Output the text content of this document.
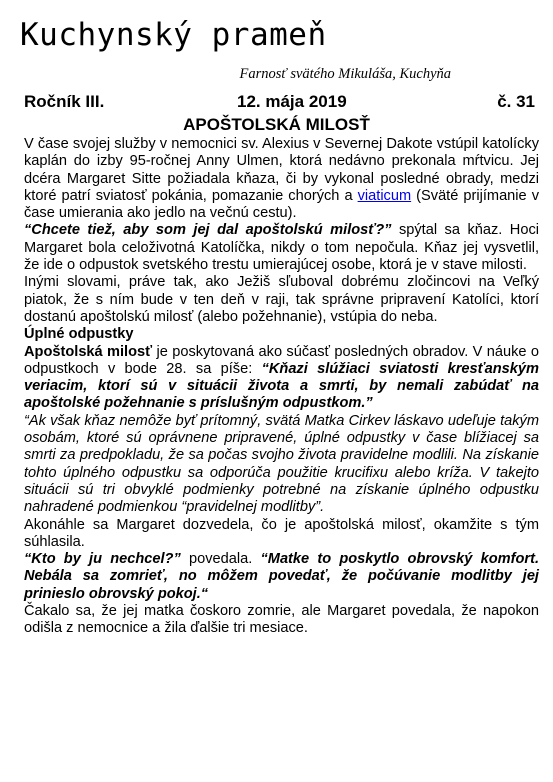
Kuchynský prameň
Farnosť svätého Mikuláša, Kuchyňa
Ročník III.	12. mája 2019	č. 31
APOŠTOLSKÁ MILOSŤ

V čase svojej služby v nemocnici sv. Alexius v Severnej Dakote vstúpil katolícky kaplán do izby 95-ročnej Anny Ulmen, ktorá nedávno prekonala mŕtvicu. Jej dcéra Margaret Sitte požiadala kňaza, či by vykonal posledné obrady, medzi ktoré patrí sviatosť pokánia, pomazanie chorých a viaticum (Sväté prijímanie v čase umierania ako jedlo na večnú cestu).

“Chcete tiež, aby som jej dal apoštolskú milosť?” spýtal sa kňaz. Hoci Margaret bola celoživotná Katolíčka, nikdy o tom nepočula. Kňaz jej vysvetlil, že ide o odpustok svetského trestu umierajúcej osobe, ktorá je v stave milosti.

Inými slovami, práve tak, ako Ježiš sľuboval dobrému zločincovi na Veľký piatok, že s ním bude v ten deň v raji, tak správne pripravení Katolíci, ktorí dostanú apoštolskú milosť (alebo požehnanie), vstúpia do neba.

Úplné odpustky

Apoštolská milosť je poskytovaná ako súčasť posledných obradov. V náuke o odpustkoch v bode 28. sa píše: “Kňazi slúžiaci sviatosti kresťanským veriacim, ktorí sú v situácii života a smrti, by nemali zabúdať na apoštolské požehnanie s príslušným odpustkom.”

“Ak však kňaz nemôže byť prítomný, svätá Matka Cirkev láskavo udeľuje takým osobám, ktoré sú oprávnene pripravené, úplné odpustky v čase blížiacej sa smrti za predpokladu, že sa počas svojho života pravidelne modlili. Na získanie tohto úplného odpustku sa odporúča použitie krucifixu alebo kríža. V takejto situácii sú tri obvyklé podmienky potrebné na získanie úplného odpustku nahradené podmienkou “pravidelnej modlitby”.

Akonáhle sa Margaret dozvedela, čo je apoštolská milosť, okamžite s tým súhlasila.

“Kto by ju nechcel?” povedala. “Matke to poskytlo obrovský komfort. Nebála sa zomrieť, no môžem povedať, že počúvanie modlitby jej prinieslo obrovský pokoj.“

Čakalo sa, že jej matka čoskoro zomrie, ale Margaret povedala, že napokon odišla z nemocnice a žila ďalšie tri mesiace.
